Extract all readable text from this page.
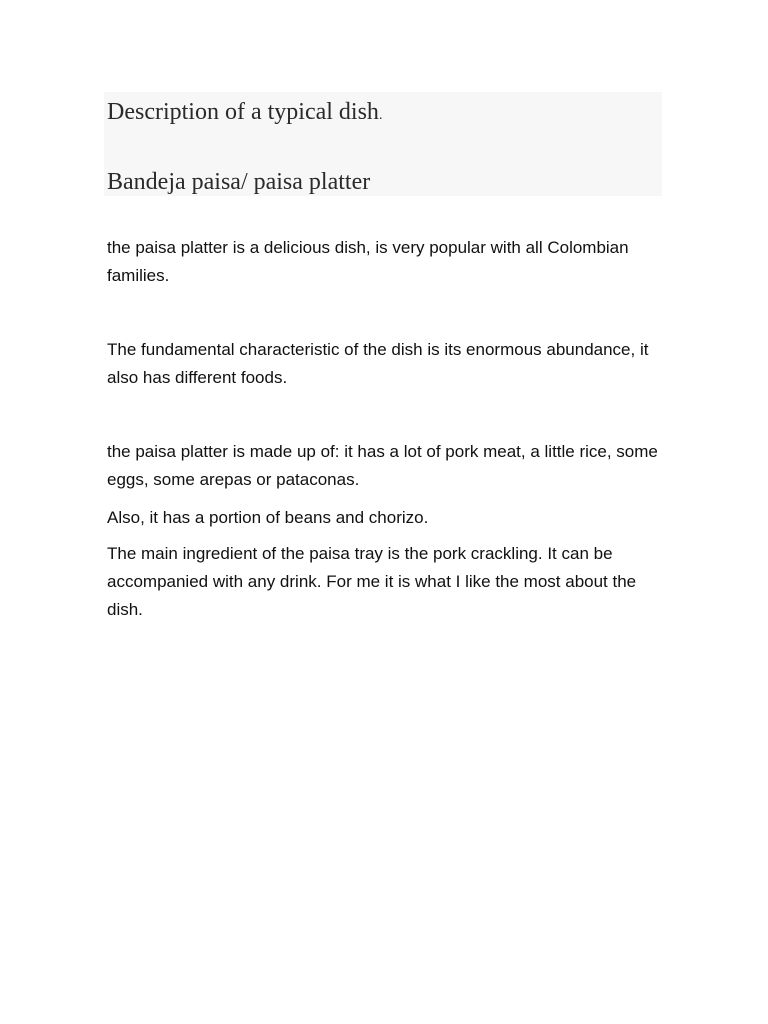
Description of a typical dish.
Bandeja paisa/ paisa platter

the paisa platter is a delicious dish, is very popular with all Colombian families.

The fundamental characteristic of the dish is its enormous abundance, it also has different foods.

the paisa platter is made up of: it has a lot of pork meat, a little rice, some eggs, some arepas or pataconas.

Also, it has a portion of beans and chorizo.

The main ingredient of the paisa tray is the pork crackling. It can be accompanied with any drink. For me it is what I like the most about the dish.
